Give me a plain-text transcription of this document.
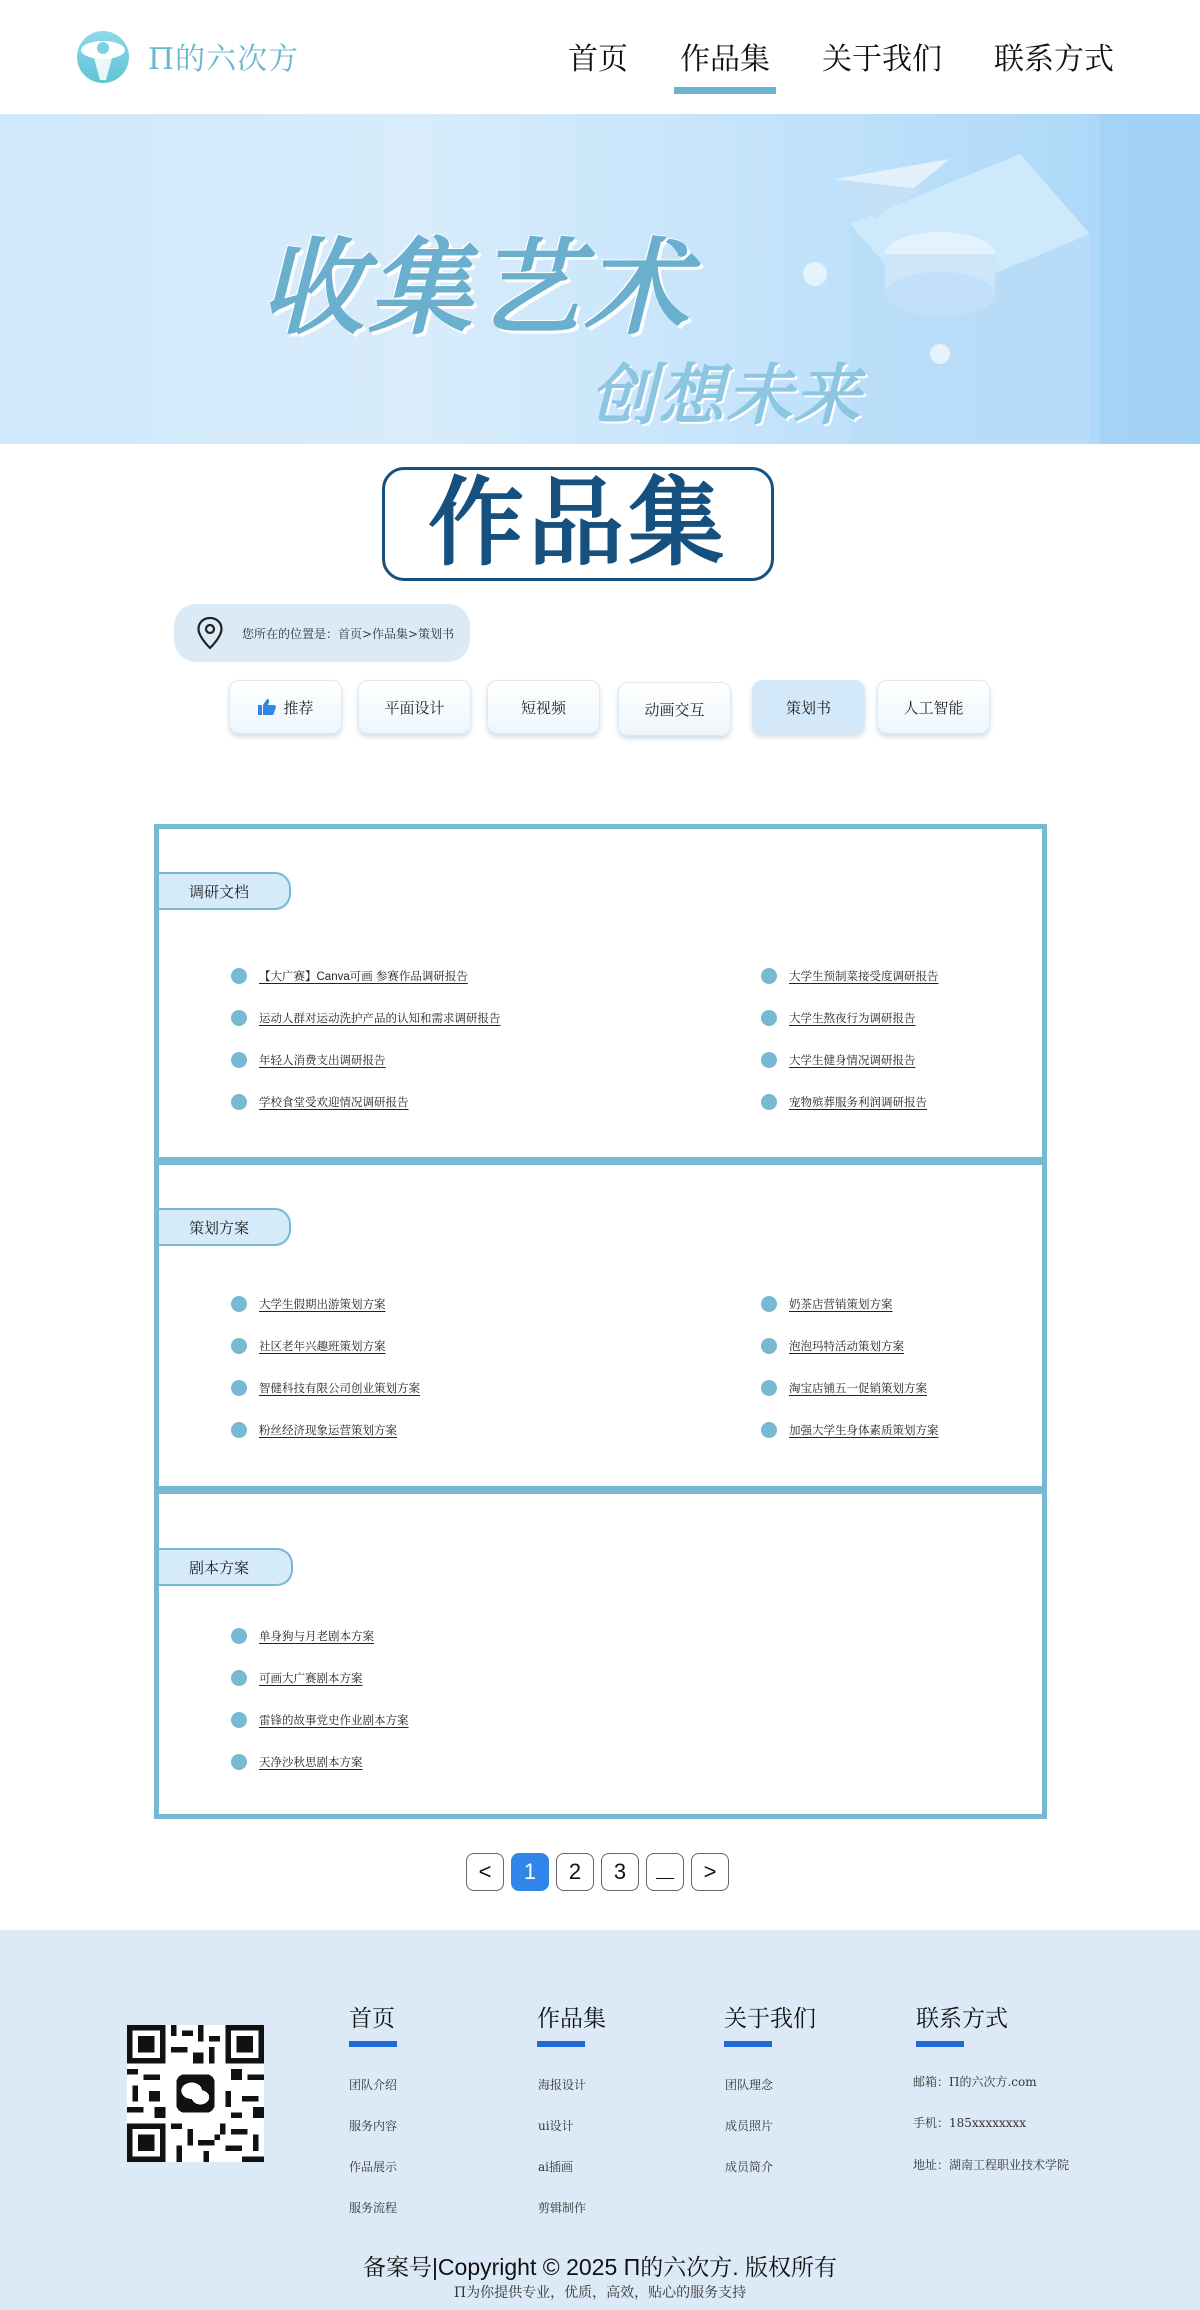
Π的六次方	首页 作品集 关于我们 联系方式
收集艺术
创想未来
作品集
您所在的位置是：首页>作品集>策划书
推荐	平面设计	短视频	动画交互	策划书	人工智能
调研文档
【大广赛】Canva可画 参赛作品调研报告
运动人群对运动洗护产品的认知和需求调研报告
年轻人消费支出调研报告
学校食堂受欢迎情况调研报告
大学生预制菜接受度调研报告
大学生熬夜行为调研报告
大学生健身情况调研报告
宠物殡葬服务利润调研报告
策划方案
大学生假期出游策划方案
社区老年兴趣班策划方案
智健科技有限公司创业策划方案
粉丝经济现象运营策划方案
奶茶店营销策划方案
泡泡玛特活动策划方案
淘宝店铺五一促销策划方案
加强大学生身体素质策划方案
剧本方案
单身狗与月老剧本方案
可画大广赛剧本方案
雷锋的故事党史作业剧本方案
天净沙秋思剧本方案
<	1	2	3	__	>
首页
团队介绍
服务内容
作品展示
服务流程
作品集
海报设计
ui设计
ai插画
剪辑制作
关于我们
团队理念
成员照片
成员简介
联系方式
邮箱：Π的六次方.com
手机：185xxxxxxxx
地址：湖南工程职业技术学院
备案号|Copyright © 2025 Π的六次方. 版权所有
Π为你提供专业，优质，高效，贴心的服务支持
